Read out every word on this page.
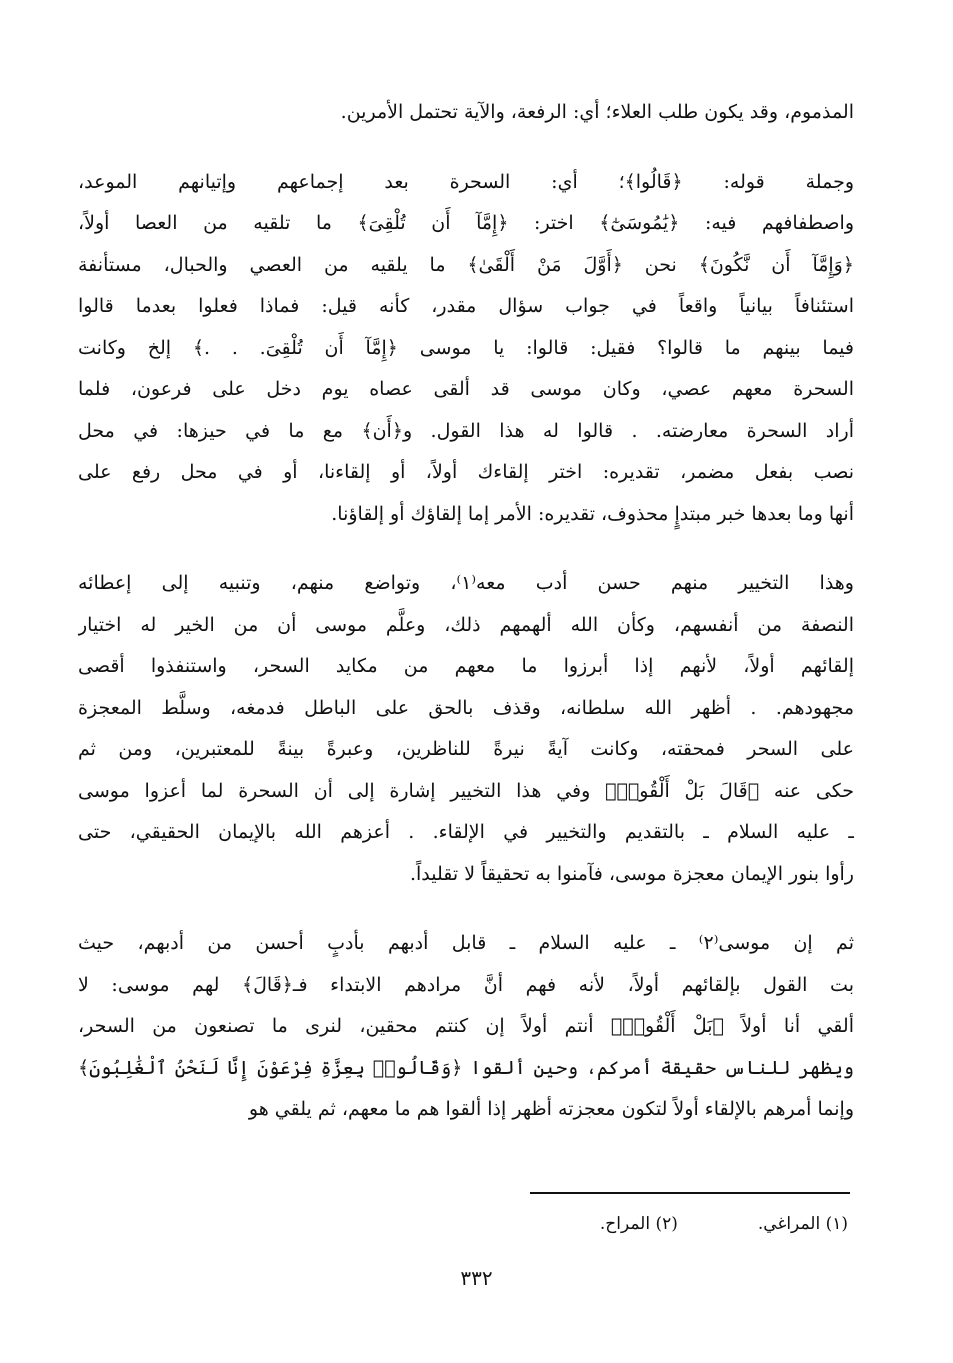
المذموم، وقد يكون طلب العلاء؛ أي: الرفعة، والآية تحتمل الأمرين.
وجملة قوله: ﴿قَالُوا﴾؛ أي: السحرة بعد إجماعهم وإتيانهم الموعد،
واصطفافهم فيه: ﴿يَٰمُوسَىٰٓ﴾ اختر: ﴿إِمَّآ أَن تُلْقِىَ﴾ ما تلقيه من العصا أولاً،
﴿وَإِمَّآ أَن نَّكُونَ﴾ نحن ﴿أَوَّلَ مَنْ أَلْقَىٰ﴾ ما يلقيه من العصي والحبال، مستأنفة
استئنافاً بيانياً واقعاً في جواب سؤال مقدر، كأنه قيل: فماذا فعلوا بعدما قالوا
فيما بينهم ما قالوا؟ فقيل: قالوا: يا موسى ﴿إِمَّآ أَن تُلْقِىَ. . .﴾ إلخ وكانت
السحرة معهم عصي، وكان موسى قد ألقى عصاه يوم دخل على فرعون، فلما
أراد السحرة معارضته. . قالوا له هذا القول. و﴿أَن﴾ مع ما في حيزها: في محل
نصب بفعل مضمر، تقديره: اختر إلقاءك أولاً، أو إلقاءنا، أو في محل رفع على
أنها وما بعدها خبر مبتدإٍ محذوف، تقديره: الأمر إما إلقاؤك أو إلقاؤنا.
وهذا التخيير منهم حسن أدب معه⁽١⁾، وتواضع منهم، وتنبيه إلى إعطائه
النصفة من أنفسهم، وكأن الله ألهمهم ذلك، وعلَّم موسى أن من الخير له اختيار
إلقائهم أولاً، لأنهم إذا أبرزوا ما معهم من مكايد السحر، واستنفذوا أقصى
مجهودهم. . أظهر الله سلطانه، وقذف بالحق على الباطل فدمغه، وسلَّط المعجزة
على السحر فمحقته، وكانت آيةً نيرةً للناظرين، وعبرةً بينةً للمعتبرين، ومن ثم
حكى عنه ﴿قَالَ بَلْ أَلْقُوا۟﴾ وفي هذا التخيير إشارة إلى أن السحرة لما أعزوا موسى
ـ عليه السلام ـ بالتقديم والتخيير في الإلقاء. . أعزهم الله بالإيمان الحقيقي، حتى
رأوا بنور الإيمان معجزة موسى، فآمنوا به تحقيقاً لا تقليداً.
ثم إن موسى⁽٢⁾ ـ عليه السلام ـ قابل أدبهم بأدبٍ أحسن من أدبهم، حيث
بت القول بإلقائهم أولاً، لأنه فهم أنَّ مرادهم الابتداء فـ﴿قَالَ﴾ لهم موسى: لا
ألقي أنا أولاً ﴿بَلْ أَلْقُوا۟﴾ أنتم أولاً إن كنتم محقين، لنرى ما تصنعون من السحر،
ويظهر للناس حقيقة أمركم، وحين ألقوا ﴿وَقَالُوا۟ بِعِزَّةِ فِرْعَوْنَ إِنَّا لَنَحْنُ ٱلْغَٰلِبُونَ﴾
وإنما أمرهم بالإلقاء أولاً لتكون معجزته أظهر إذا ألقوا هم ما معهم، ثم يلقي هو
(١) المراغي.
(٢) المراح.
٣٣٢
